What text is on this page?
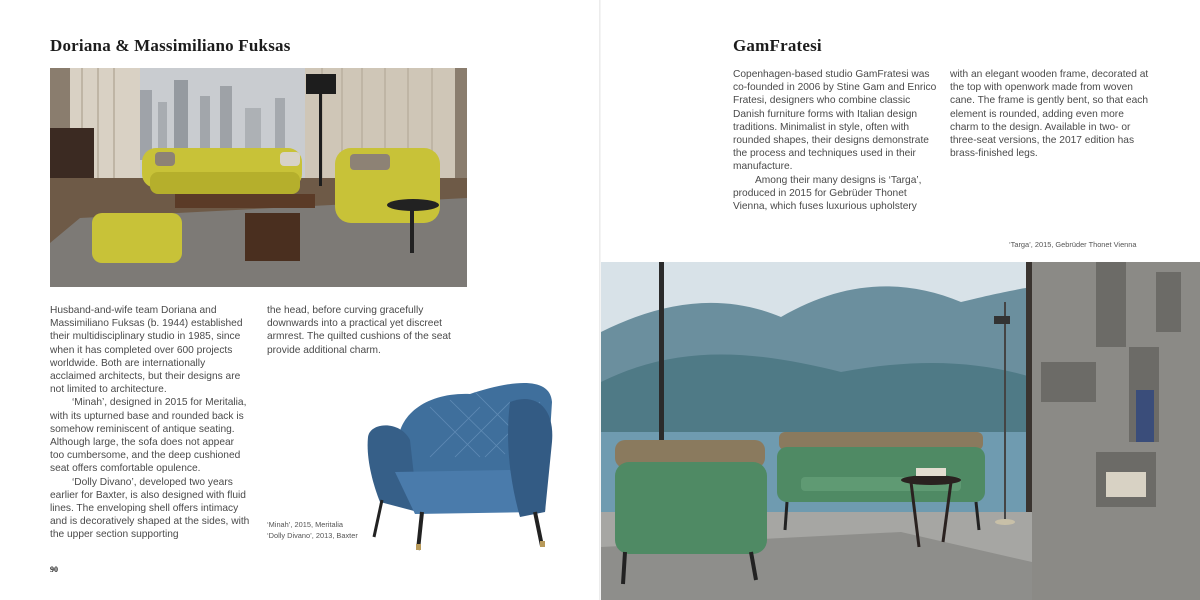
Doriana & Massimiliano Fuksas

Husband-and-wife team Doriana and Massimiliano Fuksas (b. 1944) established their multidisciplinary studio in 1985, since when it has completed over 600 projects worldwide. Both are internationally acclaimed architects, but their designs are not limited to architecture.

‘Minah’, designed in 2015 for Meritalia, with its upturned base and rounded back is somehow reminiscent of antique seating. Although large, the sofa does not appear too cumbersome, and the deep cushioned seat offers comfortable opulence.

‘Dolly Divano’, developed two years earlier for Baxter, is also designed with fluid lines. The enveloping shell offers intimacy and is decoratively shaped at the sides, with the upper section supporting

the head, before curving gracefully downwards into a practical yet discreet armrest. The quilted cushions of the seat provide additional charm.

‘Minah’, 2015, Meritalia
‘Dolly Divano’, 2013, Baxter
90
GamFratesi

Copenhagen-based studio GamFratesi was co-founded in 2006 by Stine Gam and Enrico Fratesi, designers who combine classic Danish furniture forms with Italian design traditions. Minimalist in style, often with rounded shapes, their designs demonstrate the process and techniques used in their manufacture.

Among their many designs is ‘Targa’, produced in 2015 for Gebrüder Thonet Vienna, which fuses luxurious upholstery

with an elegant wooden frame, decorated at the top with openwork made from woven cane. The frame is gently bent, so that each element is rounded, adding even more charm to the design. Available in two- or three-seat versions, the 2017 edition has brass-finished legs.

‘Targa’, 2015, Gebrüder Thonet Vienna
